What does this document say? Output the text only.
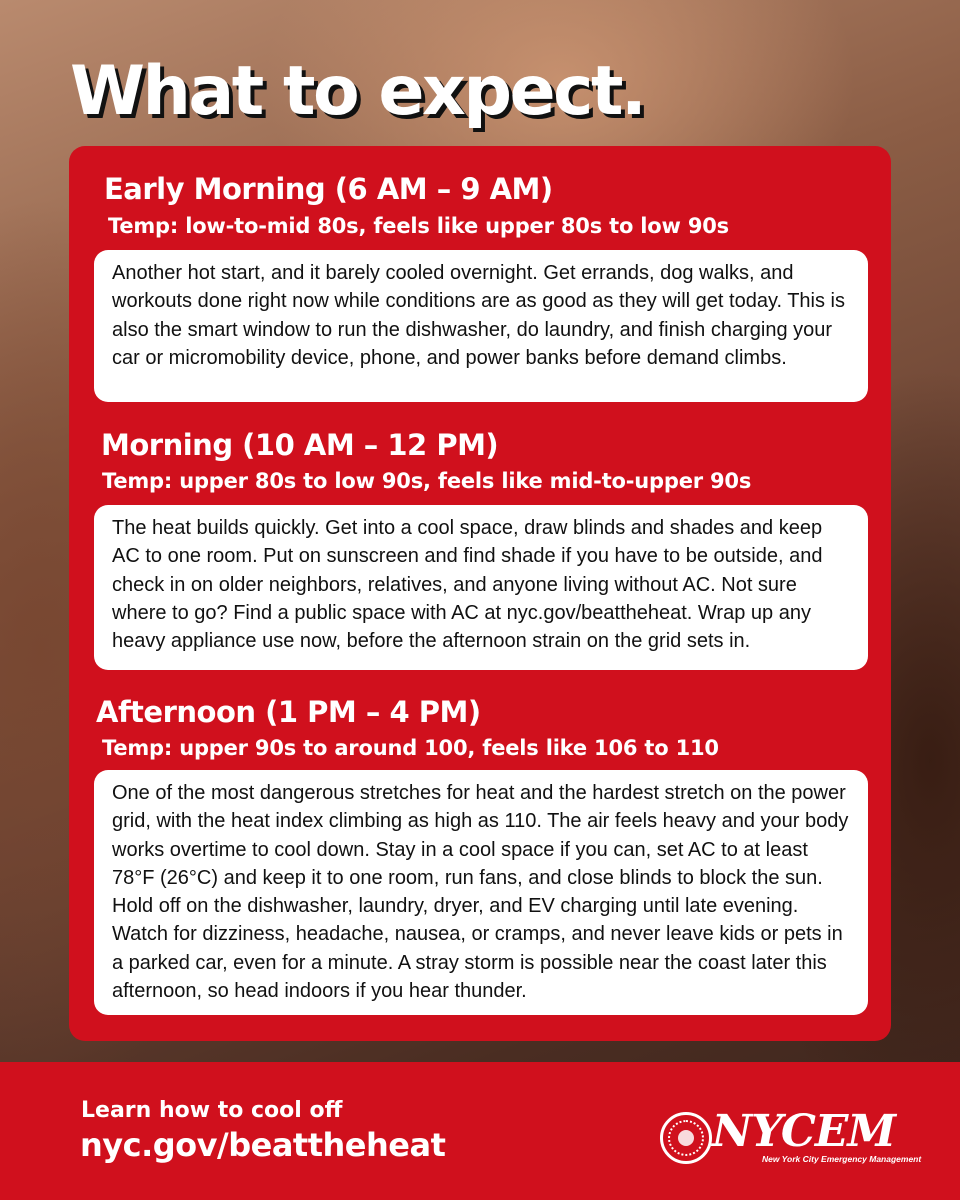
What to expect.
Early Morning (6 AM – 9 AM)

Temp: low-to-mid 80s, feels like upper 80s to low 90s

Another hot start, and it barely cooled overnight. Get errands, dog walks, and workouts done right now while conditions are as good as they will get today. This is also the smart window to run the dishwasher, do laundry, and finish charging your car or micromobility device, phone, and power banks before demand climbs.

Morning (10 AM – 12 PM)

Temp: upper 80s to low 90s, feels like mid-to-upper 90s

The heat builds quickly. Get into a cool space, draw blinds and shades and keep AC to one room. Put on sunscreen and find shade if you have to be outside, and check in on older neighbors, relatives, and anyone living without AC. Not sure where to go? Find a public space with AC at nyc.gov/beattheheat. Wrap up any heavy appliance use now, before the afternoon strain on the grid sets in.

Afternoon (1 PM – 4 PM)

Temp: upper 90s to around 100, feels like 106 to 110

One of the most dangerous stretches for heat and the hardest stretch on the power grid, with the heat index climbing as high as 110. The air feels heavy and your body works overtime to cool down. Stay in a cool space if you can, set AC to at least 78°F (26°C) and keep it to one room, run fans, and close blinds to block the sun. Hold off on the dishwasher, laundry, dryer, and EV charging until late evening. Watch for dizziness, headache, nausea, or cramps, and never leave kids or pets in a parked car, even for a minute. A stray storm is possible near the coast later this afternoon, so head indoors if you hear thunder.

Learn how to cool off

nyc.gov/beattheheat	NYCEM

New York City Emergency Management
